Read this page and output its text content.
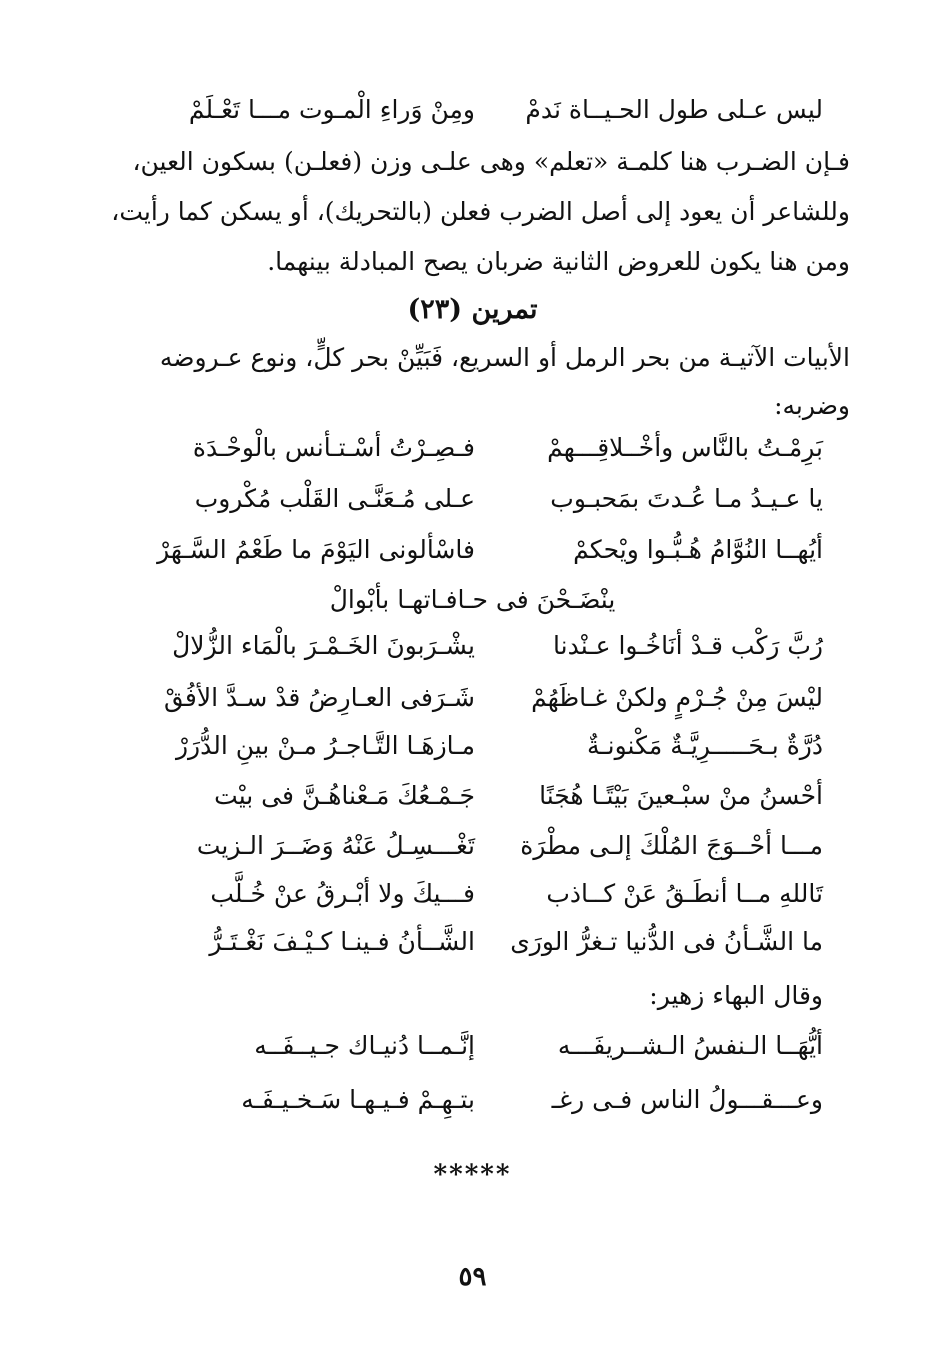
ليس عـلى طول الحـيــاة نَدمْ
ومِنْ وَراءِ الْمـوت مـــا تَعْـلَمْ
فـإن الضـرب هنا كلمـة «تعلم» وهى علـى وزن (فعلـن) بسكون العين،
وللشاعر أن يعود إلى أصل الضرب فعلن (بالتحريك)، أو يسكن كما رأيت،
ومن هنا يكون للعروض الثانية ضربان يصح المبادلة بينهما.
تمرين (٢٣)
الأبيات الآتيـة من بحر الرمل أو السريع، فَبَيِّنْ بحر كلٍّ، ونوع عـروضه
وضربه:
بَرِمْـتُ بالنَّاس وأخْــلاقِـــهمْ
فـصِـرْتُ أسْـتـأنس بالْوحْـدَة
يا عـيـدُ مـا عُـدتَ بمَحبـوب
عـلى مُـعَنَّـى القَلْب مُكْروب
أيُهــا النُوَّامُ هُـبُّـوا ويْحكمْ
فاسْألونى اليَوْمَ ما طَعْمُ السَّـهَرْ
ينْضَـحْنَ فى حـافـاتهـا بأبْوالْ
رُبَّ رَكْب قـدْ أنَاخُـوا عـنْدنا
يشْـرَبونَ الخَـمْـرَ بالْمَاء الزُّلالْ
ليْسَ مِنْ جُـرْمٍ ولكنْ غـاظَهُمْ
شَـرَفى العـارِضُ قدْ سـدَّ الأفُقْ
دُرَّةٌ بـحَـــــرِيَّـةٌ مَكْنونـةٌ
مـازهَـا التَّـاجـرُ مـنْ بينِ الدُّرَرْ
أحْسنُ منْ سبْـعينَ بَيْتًـا هُجَنًا
جَـمْـعُكَ مَـعْناهُـنَّ فى بيْت
مـــا أحْــوَجَ المُلْكَ إلـى مطْرَة
تَغْـــسِـلُ عَنْهُ وَضَــرَ الـزيت
تَاللهِ مــا أنطَـقُ عَنْ كــاذب
فـــيكَ ولا أبْـرقُ عنْ خُـلَّب
ما الشَّـأنُ فى الدُّنيا تـغرُّ الورَى
الشَّــأنُ فـينـا كـيْـفَ نَغْـتَـرُّ
وقال البهاء زهير:
أيُّهَــا الـنفسُ الـشــريفَـــه
إنَّـمــا دُنيـاك جـيــفَــه
وعـــقـــولُ الناس فـى رغـ
بتـهِـمْ فـيـهـا سَـخـيـفَـه
*****
٥٩
